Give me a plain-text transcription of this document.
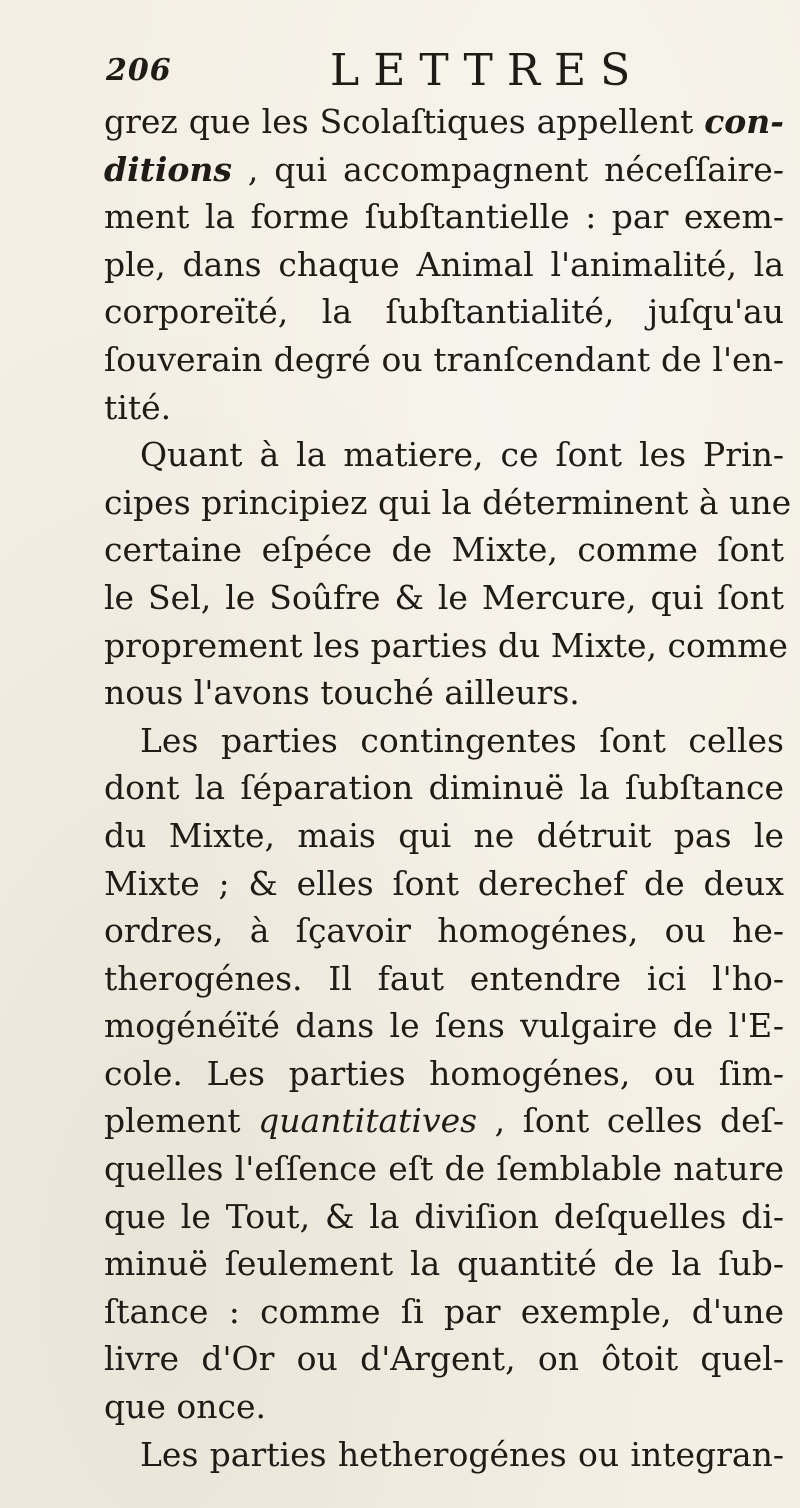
206	LETTRES
grez que les Scolaſtiques appellent con-
ditions , qui accompagnent néceſſaire-
ment la forme ſubſtantielle : par exem-
ple, dans chaque Animal l'animalité, la
corporeïté, la ſubſtantialité, juſqu'au
ſouverain degré ou tranſcendant de l'en-
tité.
Quant à la matiere, ce ſont les Prin-
cipes principiez qui la déterminent à une
certaine eſpéce de Mixte, comme ſont
le Sel, le Soûfre & le Mercure, qui ſont
proprement les parties du Mixte, comme
nous l'avons touché ailleurs.
Les parties contingentes ſont celles
dont la ſéparation diminuë la ſubſtance
du Mixte, mais qui ne détruit pas le
Mixte ; & elles ſont derechef de deux
ordres, à ſçavoir homogénes, ou he-
therogénes. Il faut entendre ici l'ho-
mogénéïté dans le ſens vulgaire de l'E-
cole. Les parties homogénes, ou ſim-
plement quantitatives , ſont celles deſ-
quelles l'eſſence eſt de ſemblable nature
que le Tout, & la diviſion deſquelles di-
minuë ſeulement la quantité de la ſub-
ſtance : comme ſi par exemple, d'une
livre d'Or ou d'Argent, on ôtoit quel-
que once.
Les parties hetherogénes ou integran-
